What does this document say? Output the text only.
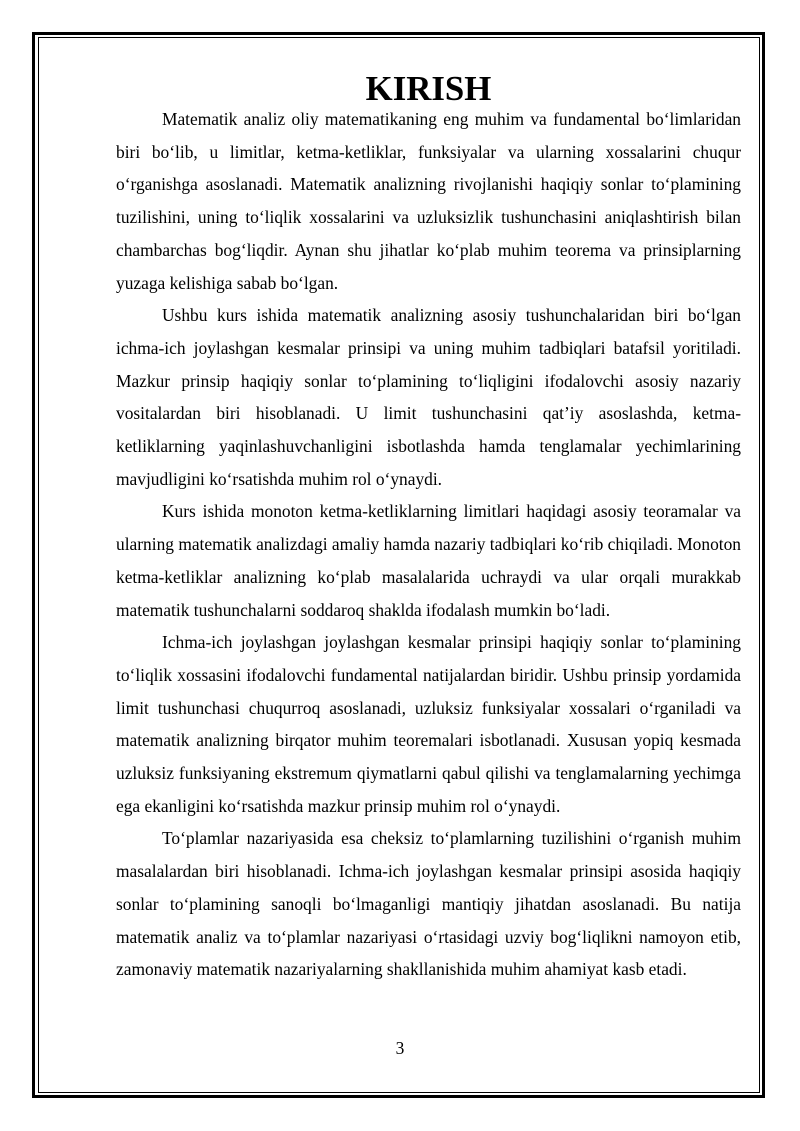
KIRISH

Matematik analiz oliy matematikaning eng muhim va fundamental bo‘limlaridan biri bo‘lib, u limitlar, ketma-ketliklar, funksiyalar va ularning xossalarini chuqur o‘rganishga asoslanadi. Matematik analizning rivojlanishi haqiqiy sonlar to‘plamining tuzilishini, uning to‘liqlik xossalarini va uzluksizlik tushunchasini aniqlashtirish bilan chambarchas bog‘liqdir. Aynan shu jihatlar ko‘plab muhim teorema va prinsiplarning yuzaga kelishiga sabab bo‘lgan.

Ushbu kurs ishida matematik analizning asosiy tushunchalaridan biri bo‘lgan ichma-ich joylashgan kesmalar prinsipi va uning muhim tadbiqlari batafsil yoritiladi. Mazkur prinsip haqiqiy sonlar to‘plamining to‘liqligini ifodalovchi asosiy nazariy vositalardan biri hisoblanadi. U limit tushunchasini qat’iy asoslashda, ketma-ketliklarning yaqinlashuvchanligini isbotlashda hamda tenglamalar yechimlarining mavjudligini ko‘rsatishda muhim rol o‘ynaydi.

Kurs ishida monoton ketma-ketliklarning limitlari haqidagi asosiy teoramalar va ularning matematik analizdagi amaliy hamda nazariy tadbiqlari ko‘rib chiqiladi. Monoton ketma-ketliklar analizning ko‘plab masalalarida uchraydi va ular orqali murakkab matematik tushunchalarni soddaroq shaklda ifodalash mumkin bo‘ladi.

Ichma-ich joylashgan joylashgan kesmalar prinsipi haqiqiy sonlar to‘plamining to‘liqlik xossasini ifodalovchi fundamental natijalardan biridir. Ushbu prinsip yordamida limit tushunchasi chuqurroq asoslanadi, uzluksiz funksiyalar xossalari o‘rganiladi va matematik analizning birqator muhim teoremalari isbotlanadi. Xususan yopiq kesmada uzluksiz funksiyaning ekstremum qiymatlarni qabul qilishi va tenglamalarning yechimga ega ekanligini ko‘rsatishda mazkur prinsip muhim rol o‘ynaydi.

To‘plamlar nazariyasida esa cheksiz to‘plamlarning tuzilishini o‘rganish muhim masalalardan biri hisoblanadi. Ichma-ich joylashgan kesmalar prinsipi asosida haqiqiy sonlar to‘plamining sanoqli bo‘lmaganligi mantiqiy jihatdan asoslanadi. Bu natija matematik analiz va to‘plamlar nazariyasi o‘rtasidagi uzviy bog‘liqlikni namoyon etib, zamonaviy matematik nazariyalarning shakllanishida muhim ahamiyat kasb etadi.

3
